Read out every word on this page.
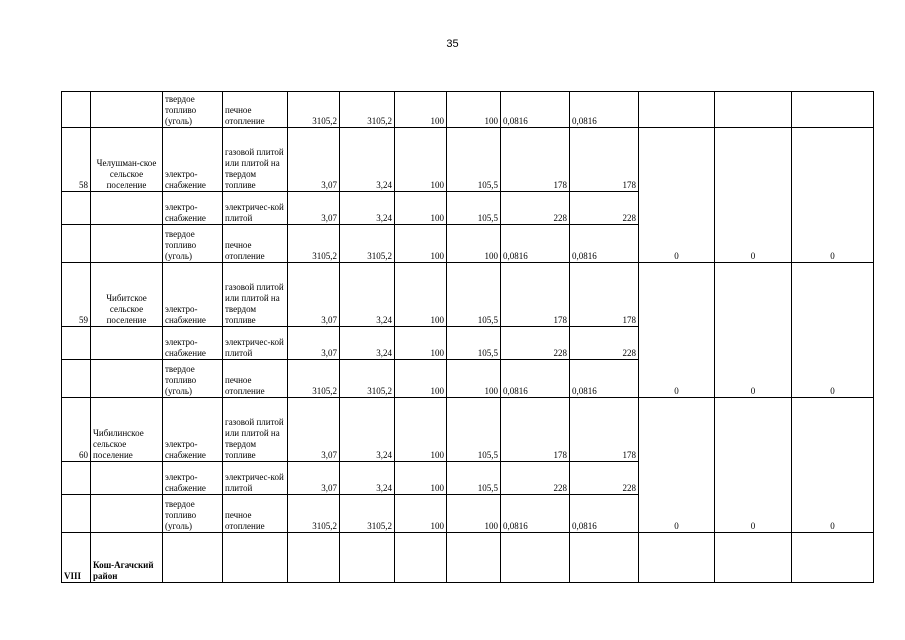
35
		твердое топливо (уголь)	печное отопление	3105,2	3105,2	100	100	0,0816	0,0816			
58	Челушман-ское сельское поселение	электро-снабжение	газовой плитой или плитой на твердом топливе	3,07	3,24	100	105,5	178	178	0	0	0
		электро-снабжение	электричес-кой плитой	3,07	3,24	100	105,5	228	228			
		твердое топливо (уголь)	печное отопление	3105,2	3105,2	100	100	0,0816	0,0816			
59	Чибитское сельское поселение	электро-снабжение	газовой плитой или плитой на твердом топливе	3,07	3,24	100	105,5	178	178	0	0	0
		электро-снабжение	электричес-кой плитой	3,07	3,24	100	105,5	228	228			
		твердое топливо (уголь)	печное отопление	3105,2	3105,2	100	100	0,0816	0,0816			
60	Чибилинское сельское поселение	электро-снабжение	газовой плитой или плитой на твердом топливе	3,07	3,24	100	105,5	178	178	0	0	0
		электро-снабжение	электричес-кой плитой	3,07	3,24	100	105,5	228	228			
		твердое топливо (уголь)	печное отопление	3105,2	3105,2	100	100	0,0816	0,0816			
VIII	Кош-Агачский район											
